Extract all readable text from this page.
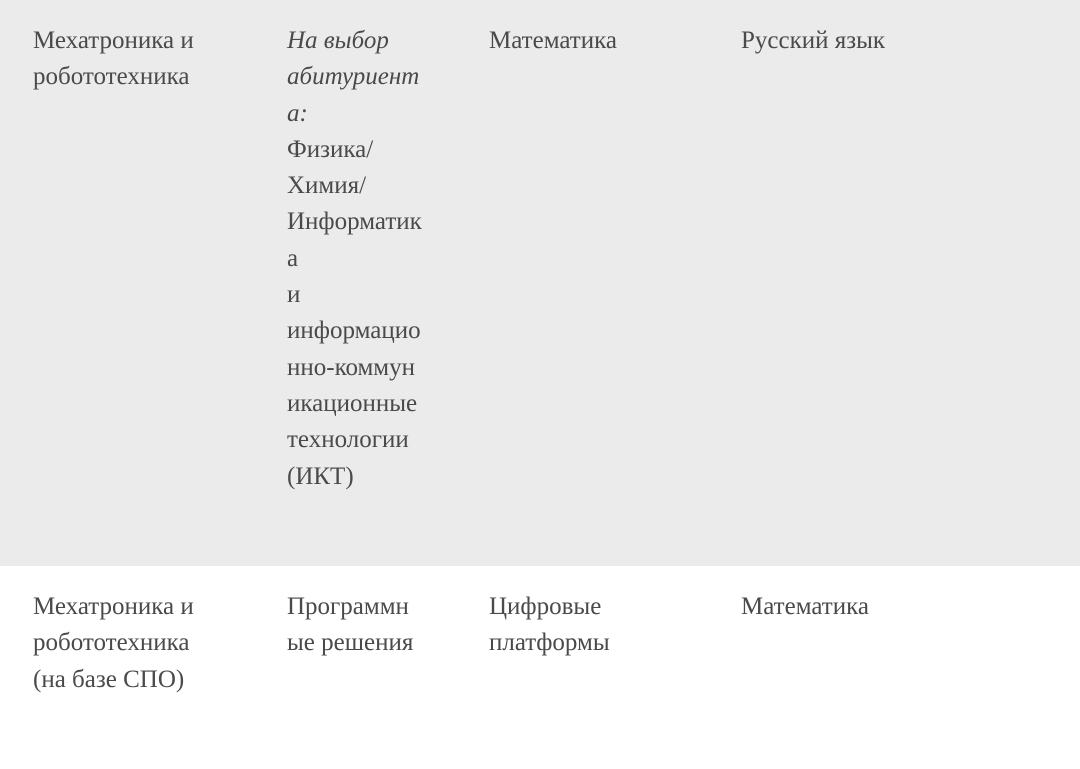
Мехатроника и
робототехника
На выбор
абитуриент
а:
Физика/
Химия/
Информатик
а
и
информацио
нно-коммун
икационные
технологии
(ИКТ)
Математика	Русский язык
Мехатроника и
робототехника
(на базе СПО)
Программн
ые решения
Цифровые
платформы
Математика
